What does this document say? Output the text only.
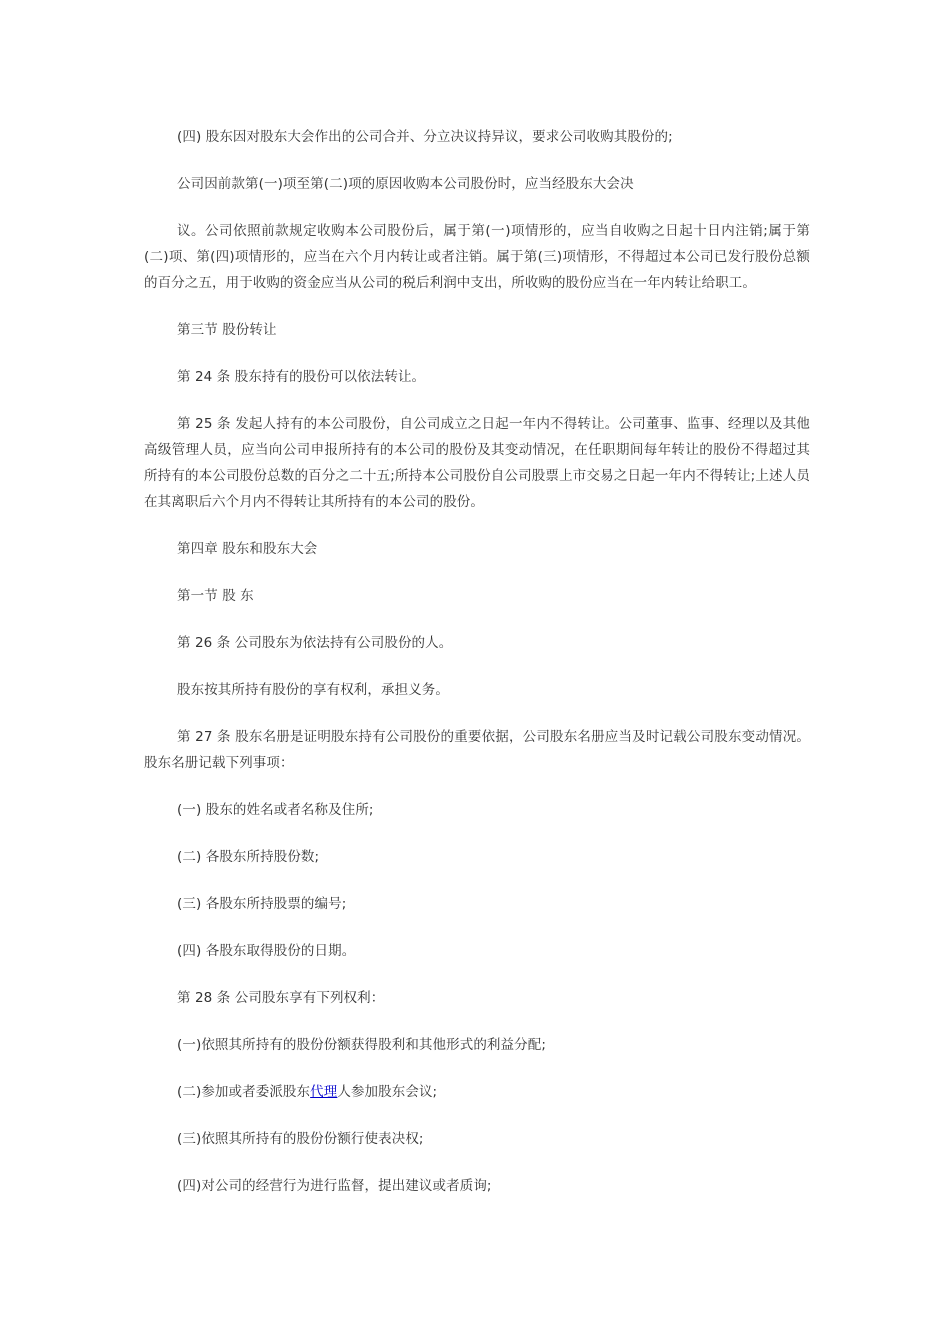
(四) 股东因对股东大会作出的公司合并、分立决议持异议，要求公司收购其股份的;

公司因前款第(一)项至第(二)项的原因收购本公司股份时，应当经股东大会决

议。公司依照前款规定收购本公司股份后，属于第(一)项情形的，应当自收购之日起十日内注销;属于第(二)项、第(四)项情形的，应当在六个月内转让或者注销。属于第(三)项情形，不得超过本公司已发行股份总额的百分之五，用于收购的资金应当从公司的税后利润中支出，所收购的股份应当在一年内转让给职工。

第三节 股份转让

第 24 条 股东持有的股份可以依法转让。

第 25 条 发起人持有的本公司股份，自公司成立之日起一年内不得转让。公司董事、监事、经理以及其他高级管理人员，应当向公司申报所持有的本公司的股份及其变动情况，在任职期间每年转让的股份不得超过其所持有的本公司股份总数的百分之二十五;所持本公司股份自公司股票上市交易之日起一年内不得转让;上述人员在其离职后六个月内不得转让其所持有的本公司的股份。

第四章 股东和股东大会

第一节 股 东

第 26 条 公司股东为依法持有公司股份的人。

股东按其所持有股份的享有权利，承担义务。

第 27 条 股东名册是证明股东持有公司股份的重要依据，公司股东名册应当及时记载公司股东变动情况。股东名册记载下列事项：

(一) 股东的姓名或者名称及住所;

(二) 各股东所持股份数;

(三) 各股东所持股票的编号;

(四) 各股东取得股份的日期。

第 28 条 公司股东享有下列权利：

(一)依照其所持有的股份份额获得股利和其他形式的利益分配;

(二)参加或者委派股东代理人参加股东会议;

(三)依照其所持有的股份份额行使表决权;

(四)对公司的经营行为进行监督，提出建议或者质询;
